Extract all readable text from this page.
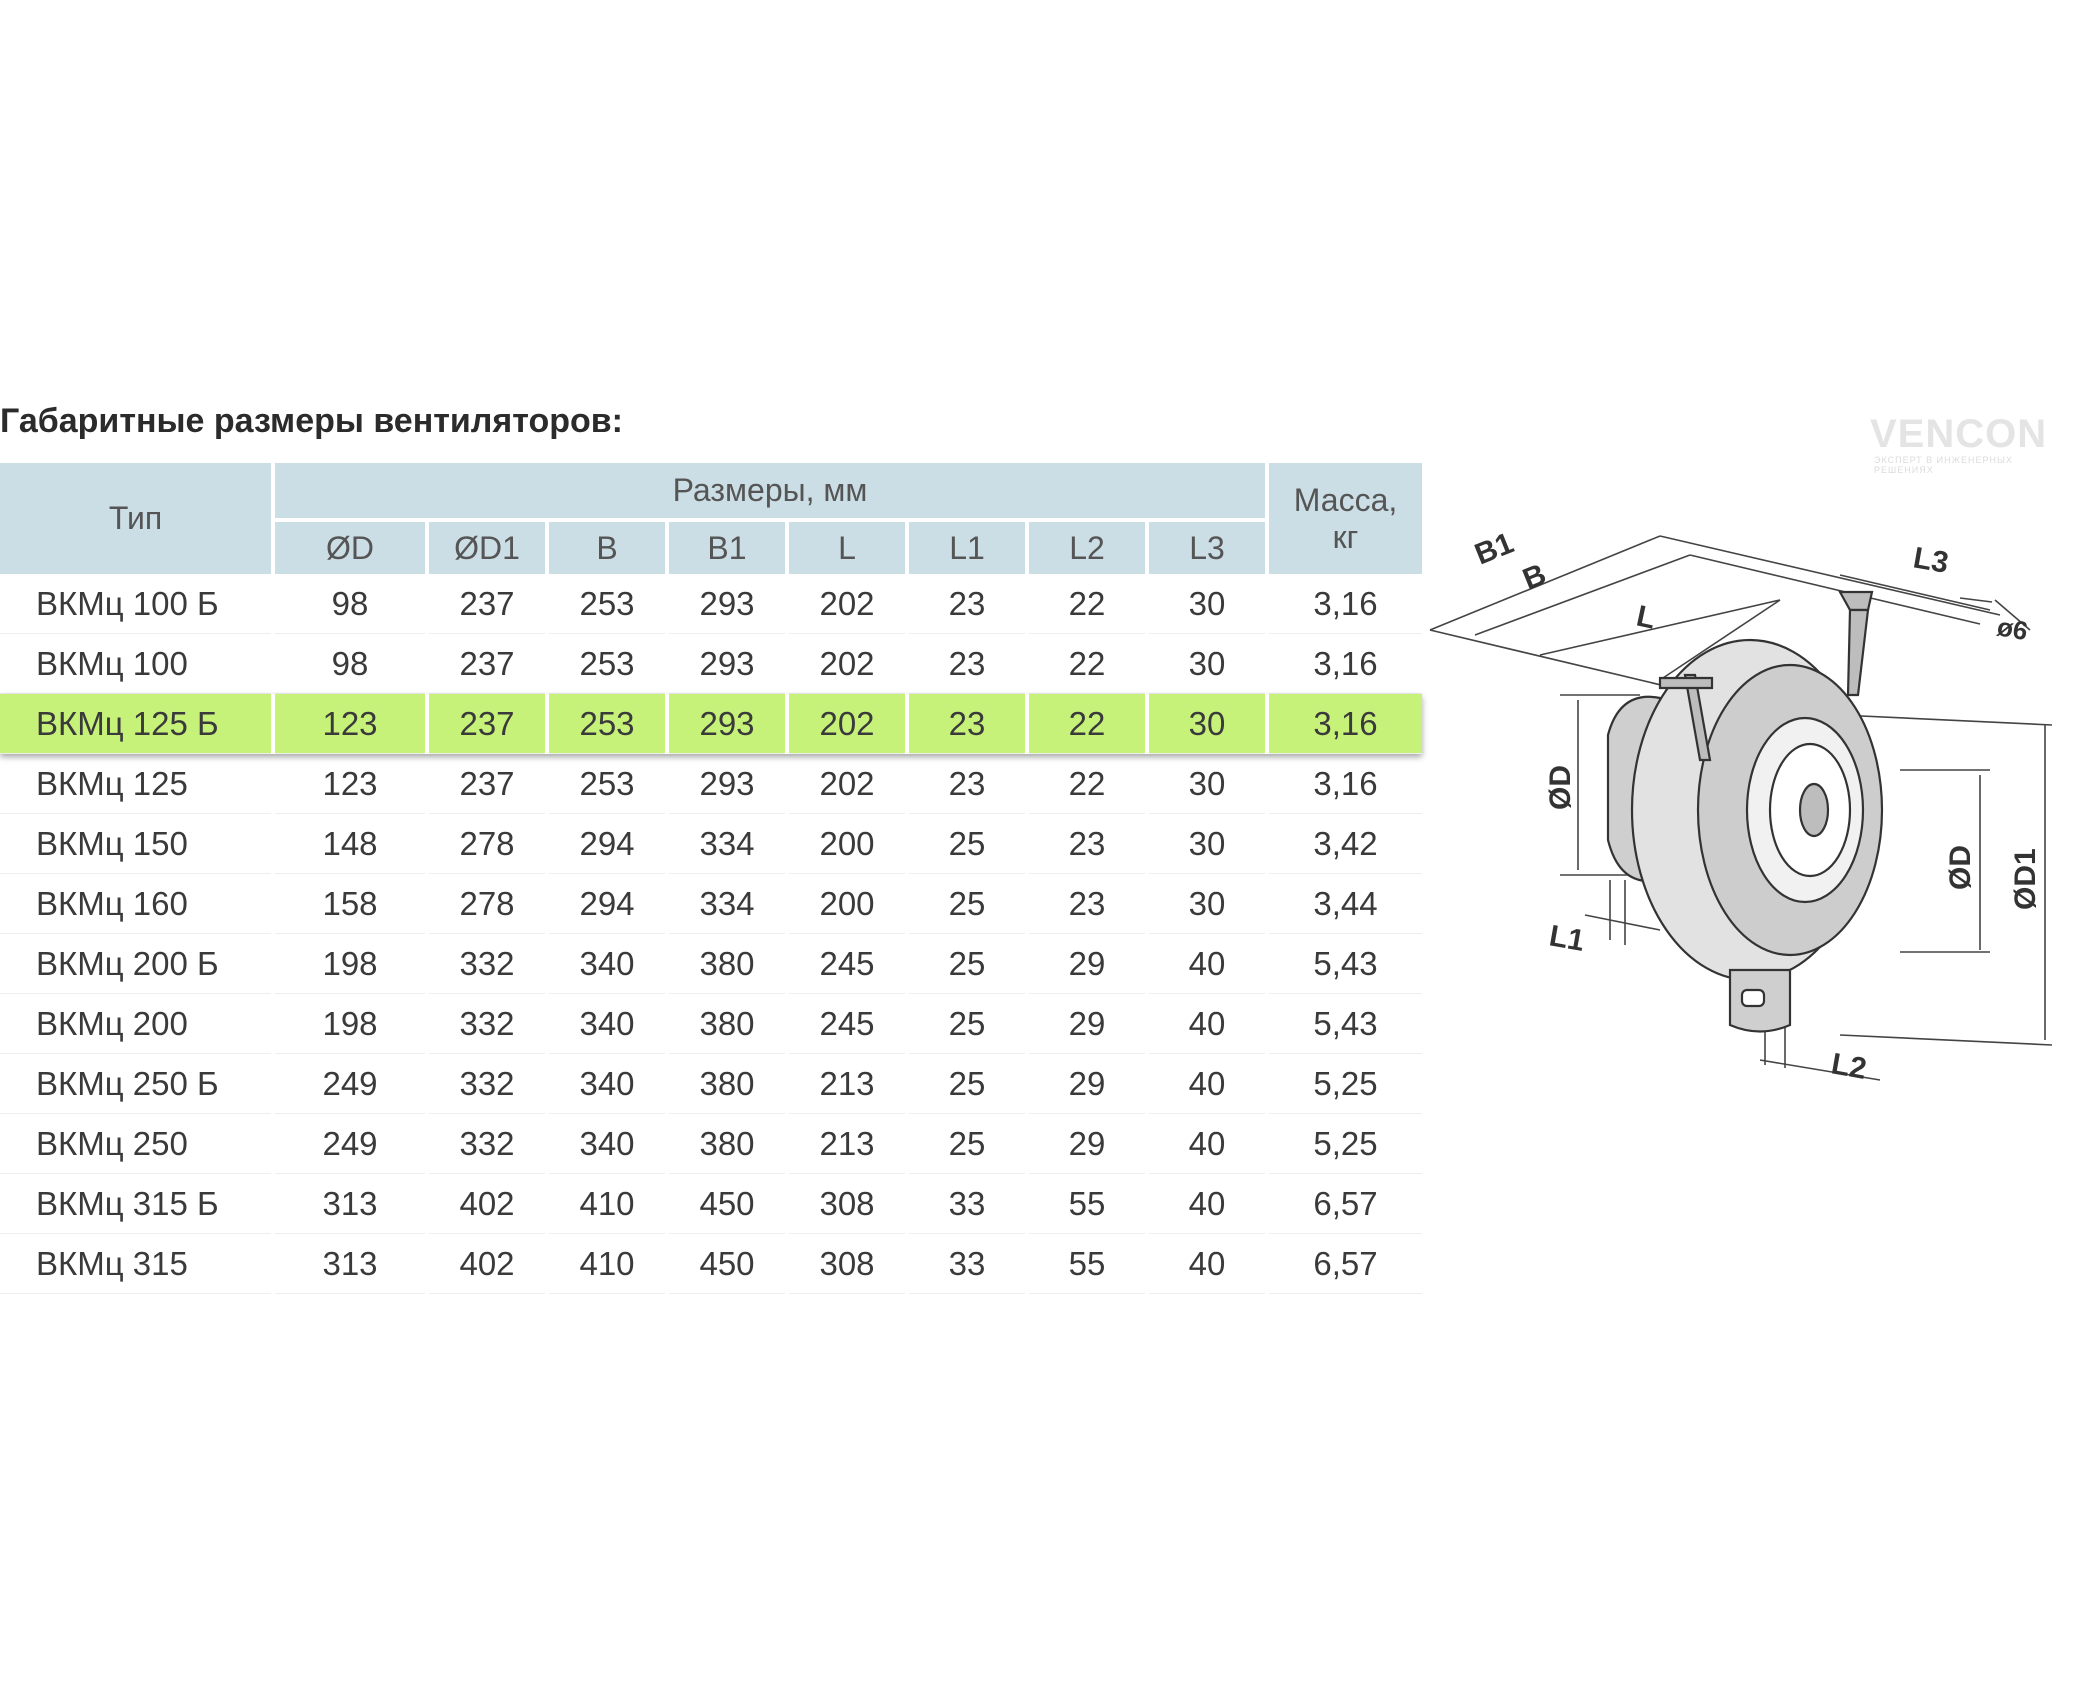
Габаритные размеры вентиляторов:	VENCON
ЭКСПЕРТ В ИНЖЕНЕРНЫХ РЕШЕНИЯХ
Тип	Размеры, мм								Масса,
кг
	ØD	ØD1	B	B1	L	L1	L2	L3	
ВКМц 100 Б	98	237	253	293	202	23	22	30	3,16
ВКМц 100	98	237	253	293	202	23	22	30	3,16
ВКМц 125 Б	123	237	253	293	202	23	22	30	3,16
ВКМц 125	123	237	253	293	202	23	22	30	3,16
ВКМц 150	148	278	294	334	200	25	23	30	3,42
ВКМц 160	158	278	294	334	200	25	23	30	3,44
ВКМц 200 Б	198	332	340	380	245	25	29	40	5,43
ВКМц 200	198	332	340	380	245	25	29	40	5,43
ВКМц 250 Б	249	332	340	380	213	25	29	40	5,25
ВКМц 250	249	332	340	380	213	25	29	40	5,25
ВКМц 315 Б	313	402	410	450	308	33	55	40	6,57
ВКМц 315	313	402	410	450	308	33	55	40	6,57
B1
B
L
L3
ø6
ØD
ØD ØD1
L1
L2
